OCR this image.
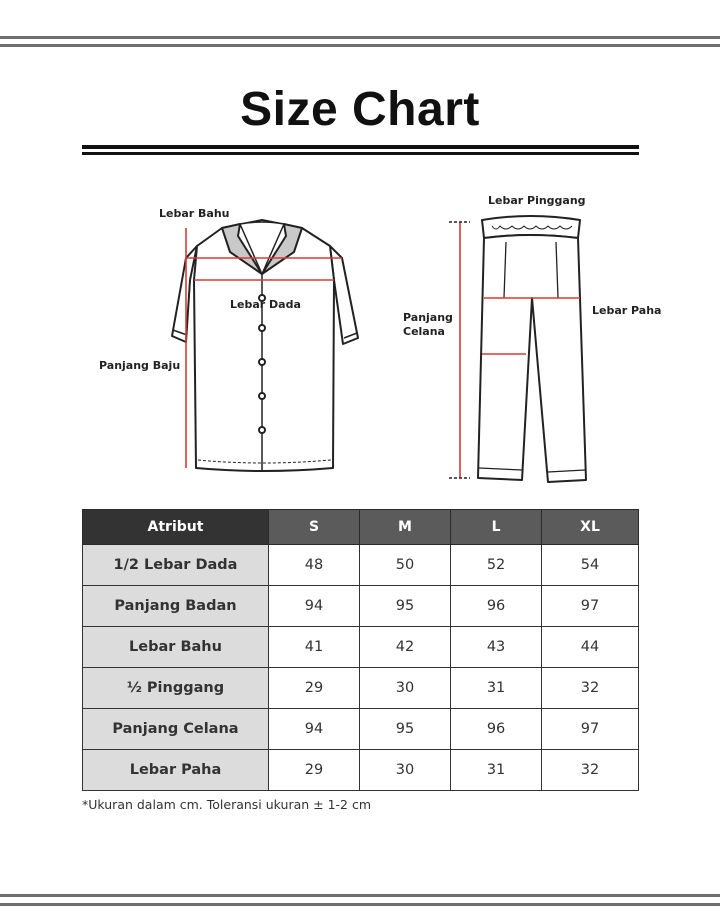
Size Chart
Lebar Bahu
Lebar Dada
Panjang Baju
Lebar Pinggang
Panjang
Celana
Lebar Paha
Atribut	S	M	L	XL
1/2 Lebar Dada	48	50	52	54
Panjang Badan	94	95	96	97
Lebar Bahu	41	42	43	44
½ Pinggang	29	30	31	32
Panjang Celana	94	95	96	97
Lebar Paha	29	30	31	32
*Ukuran dalam cm. Toleransi ukuran ± 1-2 cm
